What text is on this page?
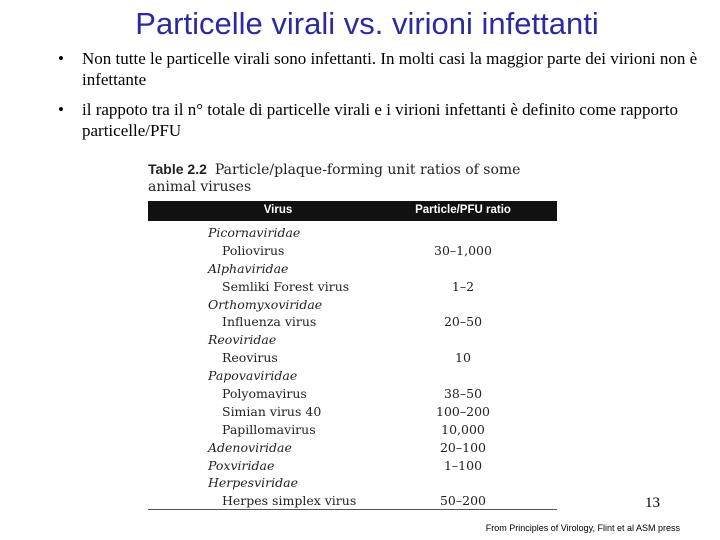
Particelle virali vs. virioni infettanti
• Non tutte le particelle virali sono infettanti. In molti casi la maggior parte dei virioni non è infettante
• il rappoto tra il n° totale di particelle virali e i virioni infettanti è definito come rapporto particelle/PFU
Table 2.2 Particle/plaque-forming unit ratios of some animal viruses
Virus	Particle/PFU ratio
Picornaviridae
Poliovirus	30–1,000
Alphaviridae
Semliki Forest virus	1–2
Orthomyxoviridae
Influenza virus	20–50
Reoviridae
Reovirus	10
Papovaviridae
Polyomavirus	38–50
Simian virus 40	100–200
Papillomavirus	10,000
Adenoviridae	20–100
Poxviridae	1–100
Herpesviridae
Herpes simplex virus	50–200	13
From Principles of Virology, Flint et al ASM press
